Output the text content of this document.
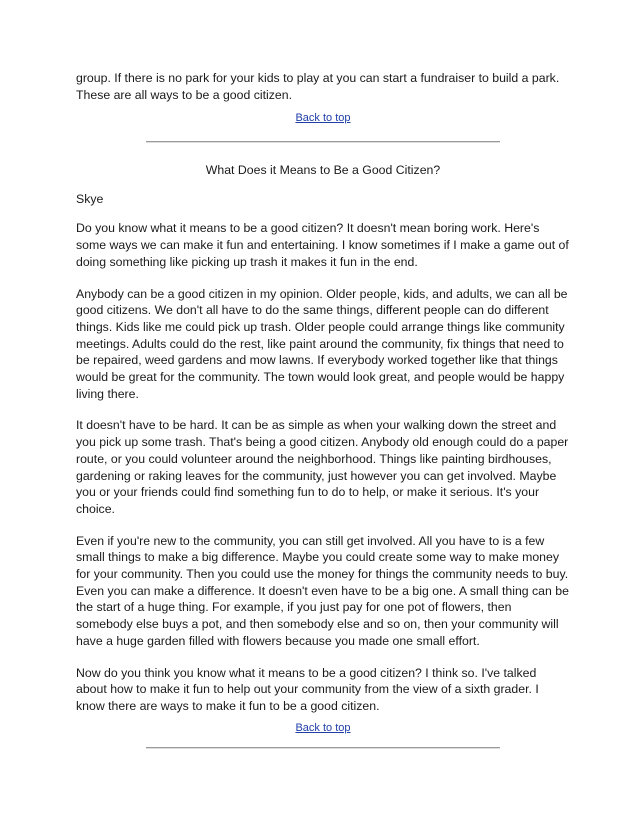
group. If there is no park for your kids to play at you can start a fundraiser to build a park. These are all ways to be a good citizen.

Back to top
What Does it Means to Be a Good Citizen?

Skye

Do you know what it means to be a good citizen? It doesn't mean boring work. Here's some ways we can make it fun and entertaining. I know sometimes if I make a game out of doing something like picking up trash it makes it fun in the end.

Anybody can be a good citizen in my opinion. Older people, kids, and adults, we can all be good citizens. We don't all have to do the same things, different people can do different things. Kids like me could pick up trash. Older people could arrange things like community meetings. Adults could do the rest, like paint around the community, fix things that need to be repaired, weed gardens and mow lawns. If everybody worked together like that things would be great for the community. The town would look great, and people would be happy living there.

It doesn't have to be hard. It can be as simple as when your walking down the street and you pick up some trash. That's being a good citizen. Anybody old enough could do a paper route, or you could volunteer around the neighborhood. Things like painting birdhouses, gardening or raking leaves for the community, just however you can get involved. Maybe you or your friends could find something fun to do to help, or make it serious. It's your choice.

Even if you're new to the community, you can still get involved. All you have to is a few small things to make a big difference. Maybe you could create some way to make money for your community. Then you could use the money for things the community needs to buy. Even you can make a difference. It doesn't even have to be a big one. A small thing can be the start of a huge thing. For example, if you just pay for one pot of flowers, then somebody else buys a pot, and then somebody else and so on, then your community will have a huge garden filled with flowers because you made one small effort.

Now do you think you know what it means to be a good citizen? I think so. I've talked about how to make it fun to help out your community from the view of a sixth grader. I know there are ways to make it fun to be a good citizen.

Back to top
